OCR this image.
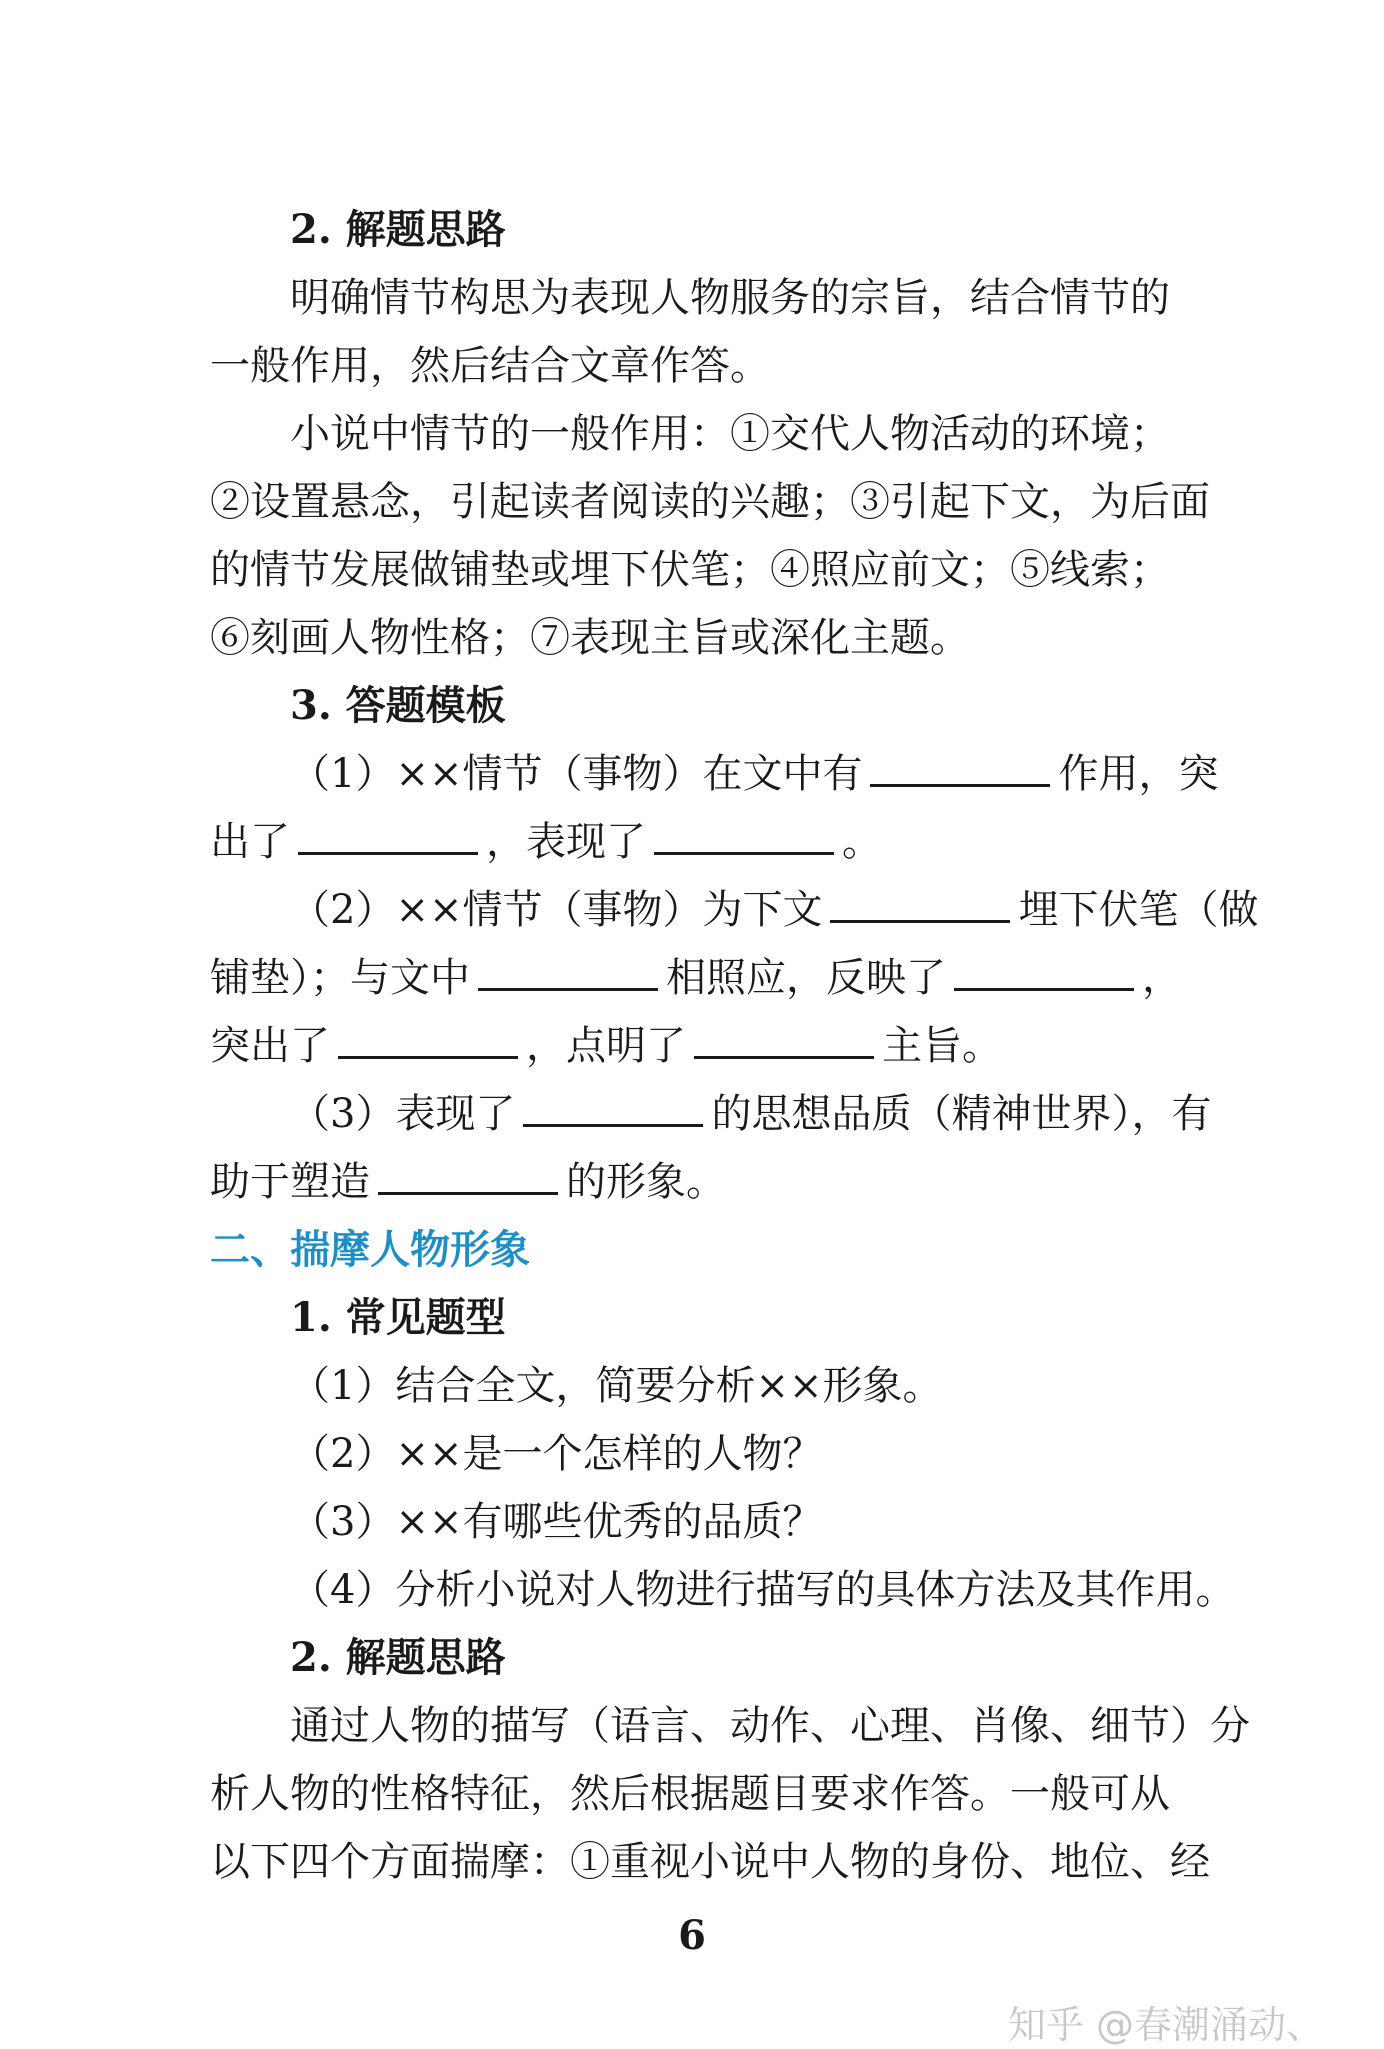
2. 解题思路
明确情节构思为表现人物服务的宗旨，结合情节的
一般作用，然后结合文章作答。
小说中情节的一般作用：①交代人物活动的环境；
②设置悬念，引起读者阅读的兴趣；③引起下文，为后面
的情节发展做铺垫或埋下伏笔；④照应前文；⑤线索；
⑥刻画人物性格；⑦表现主旨或深化主题。
3. 答题模板
（1）××情节（事物）在文中有	作用，突
出了	，表现了	。
（2）××情节（事物）为下文	埋下伏笔（做
铺垫）；与文中	相照应，反映了	，
突出了	，点明了	主旨。
（3）表现了	的思想品质（精神世界），有
助于塑造	的形象。
二、揣摩人物形象
1. 常见题型
（1）结合全文，简要分析××形象。
（2）××是一个怎样的人物？
（3）××有哪些优秀的品质？
（4）分析小说对人物进行描写的具体方法及其作用。
2. 解题思路
通过人物的描写（语言、动作、心理、肖像、细节）分
析人物的性格特征，然后根据题目要求作答。一般可从
以下四个方面揣摩：①重视小说中人物的身份、地位、经
6
知乎 @春潮涌动、
